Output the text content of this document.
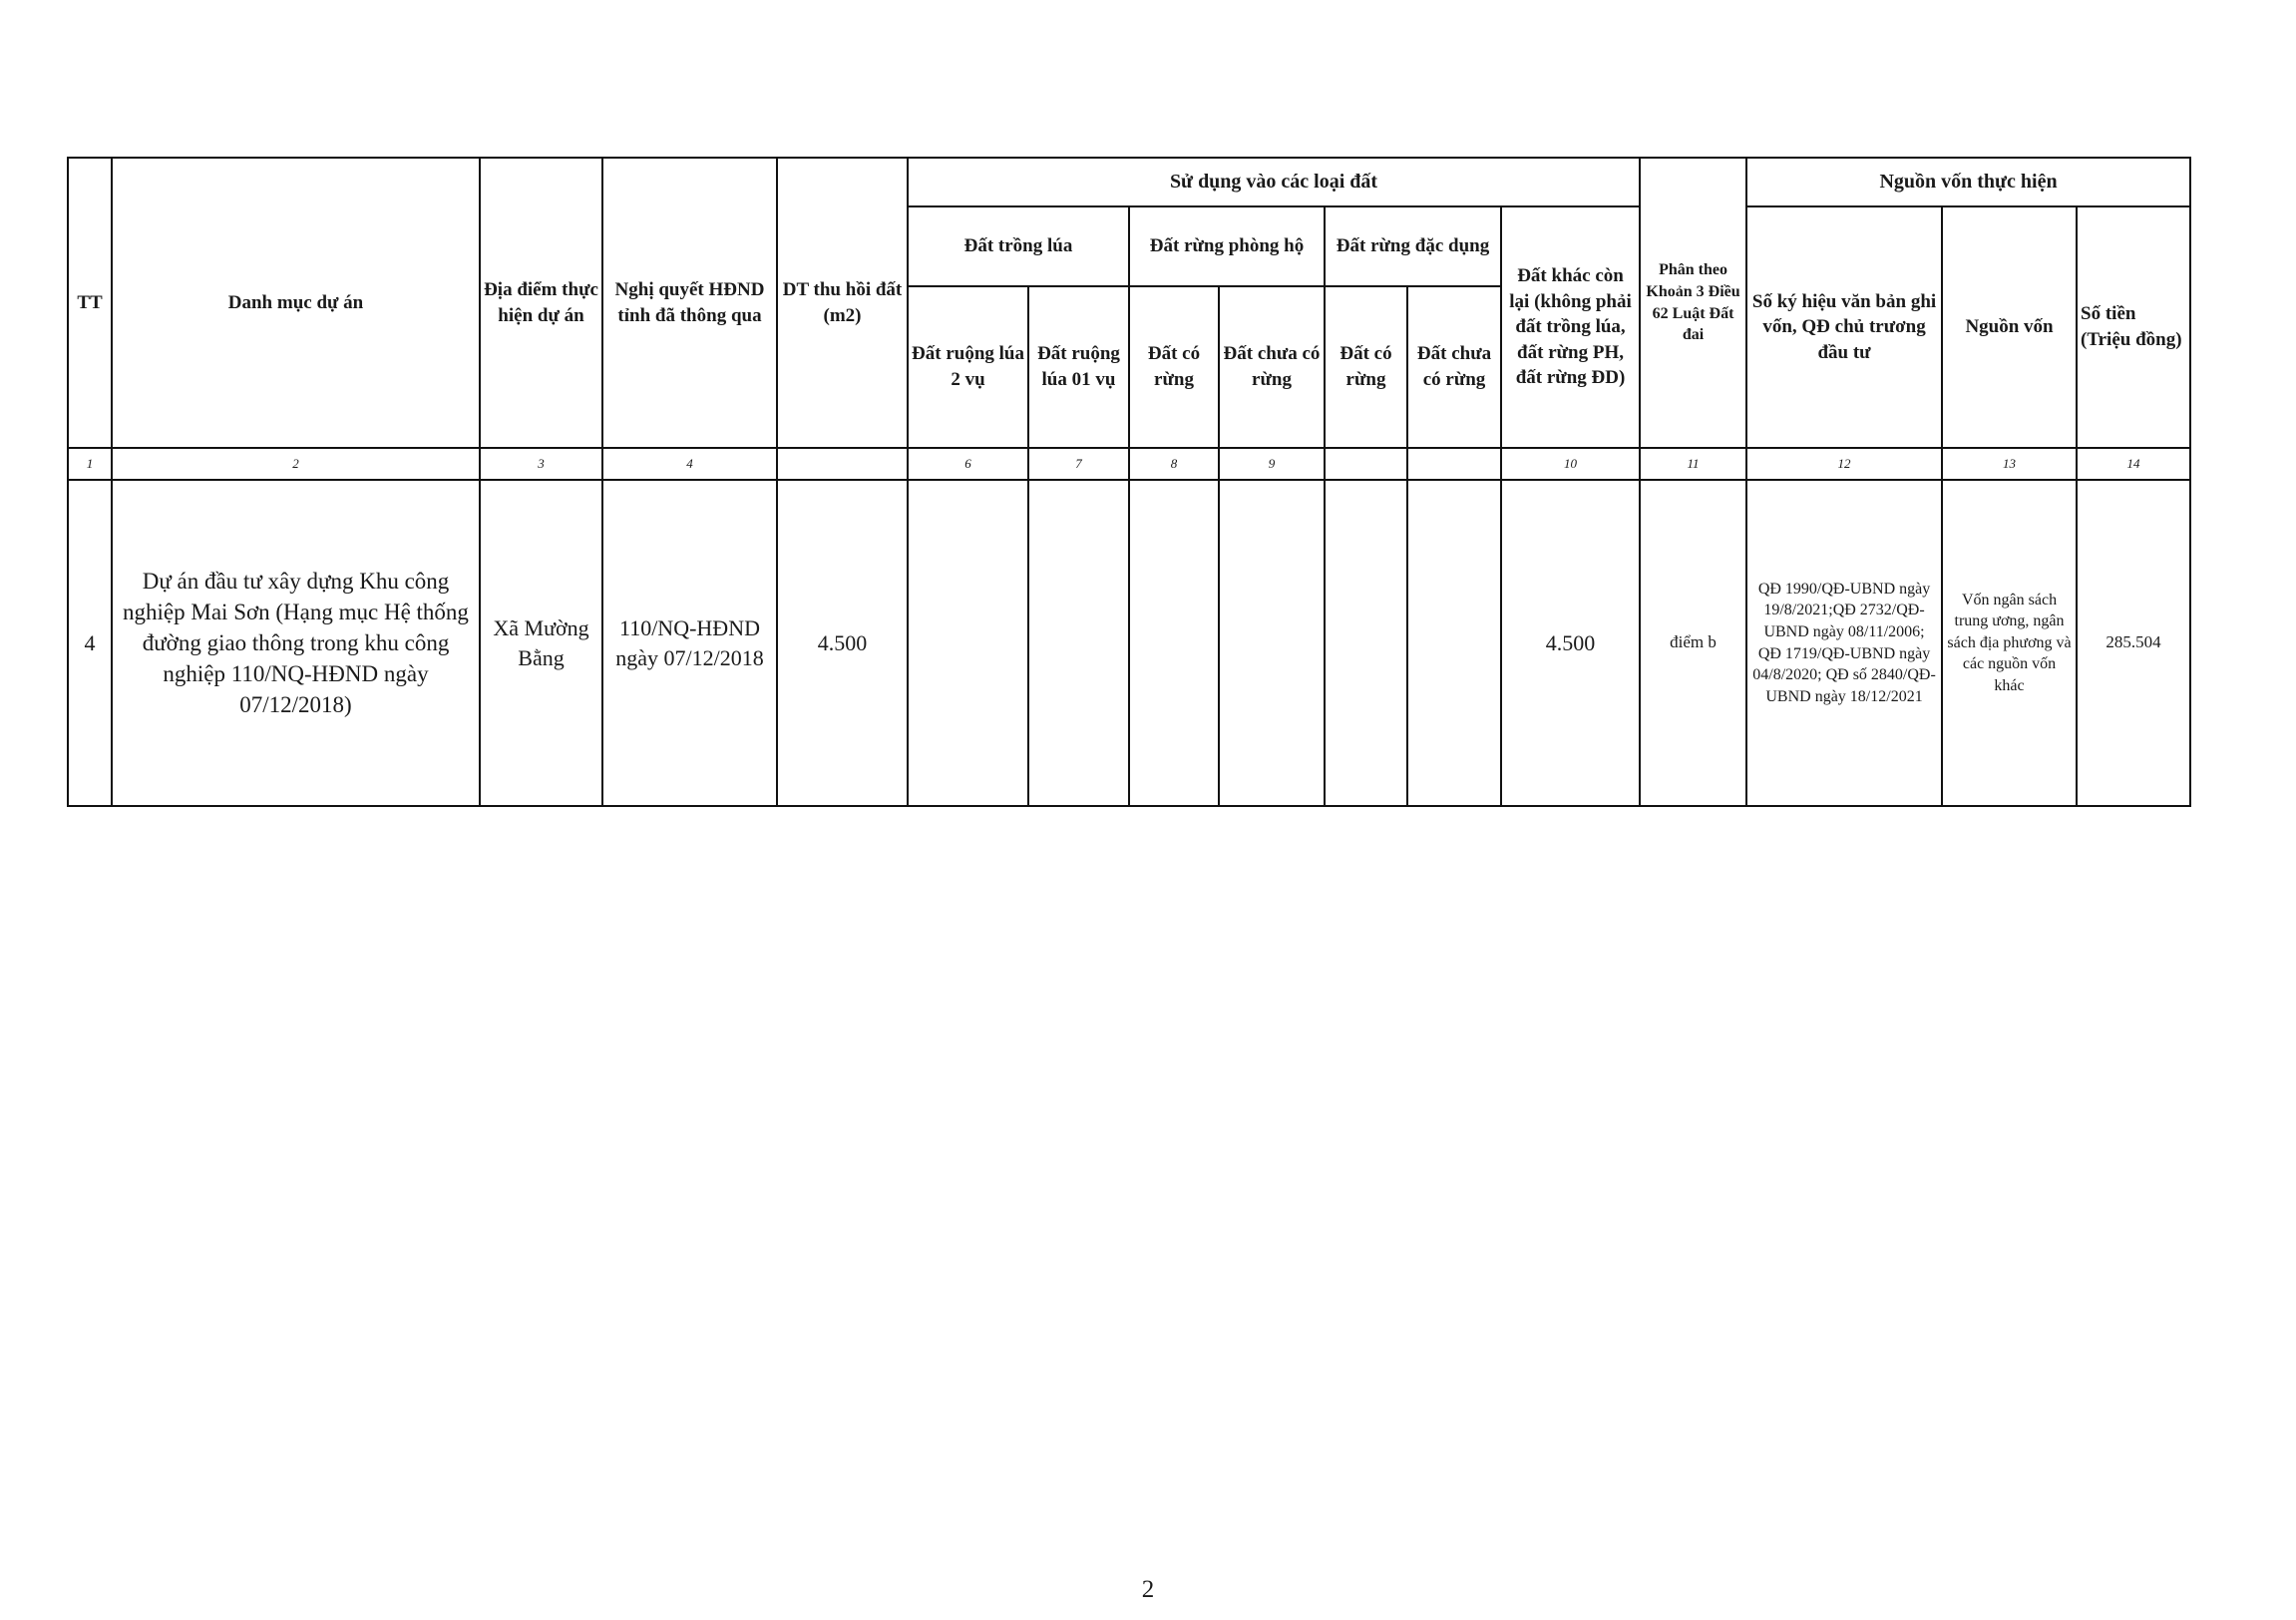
TT	Danh mục dự án	Địa điểm thực hiện dự án	Nghị quyết HĐND tỉnh đã thông qua	DT thu hồi đất (m2)	Sử dụng vào các loại đất							Phân theo Khoản 3 Điều 62 Luật Đất đai	Nguồn vốn thực hiện		
					Đất trồng lúa		Đất rừng phòng hộ		Đất rừng đặc dụng		Đất khác còn lại (không phải đất trồng lúa, đất rừng PH, đất rừng ĐD)		Số ký hiệu văn bản ghi vốn, QĐ chủ trương đầu tư	Nguồn vốn	Số tiền (Triệu đồng)
					Đất ruộng lúa 2 vụ	Đất ruộng lúa 01 vụ	Đất có rừng	Đất chưa có rừng	Đất có rừng	Đất chưa có rừng					
1	2	3	4		6	7	8	9			10	11	12	13	14
4	Dự án đầu tư xây dựng Khu công nghiệp Mai Sơn (Hạng mục Hệ thống đường giao thông trong khu công nghiệp 110/NQ-HĐND ngày 07/12/2018)	Xã Mường Bằng	110/NQ-HĐND ngày 07/12/2018	4.500							4.500	điểm b	QĐ 1990/QĐ-UBND ngày 19/8/2021;QĐ 2732/QĐ-UBND ngày 08/11/2006; QĐ 1719/QĐ-UBND ngày 04/8/2020; QĐ số 2840/QĐ-UBND ngày 18/12/2021	Vốn ngân sách trung ương, ngân sách địa phương và các nguồn vốn khác	285.504
2
